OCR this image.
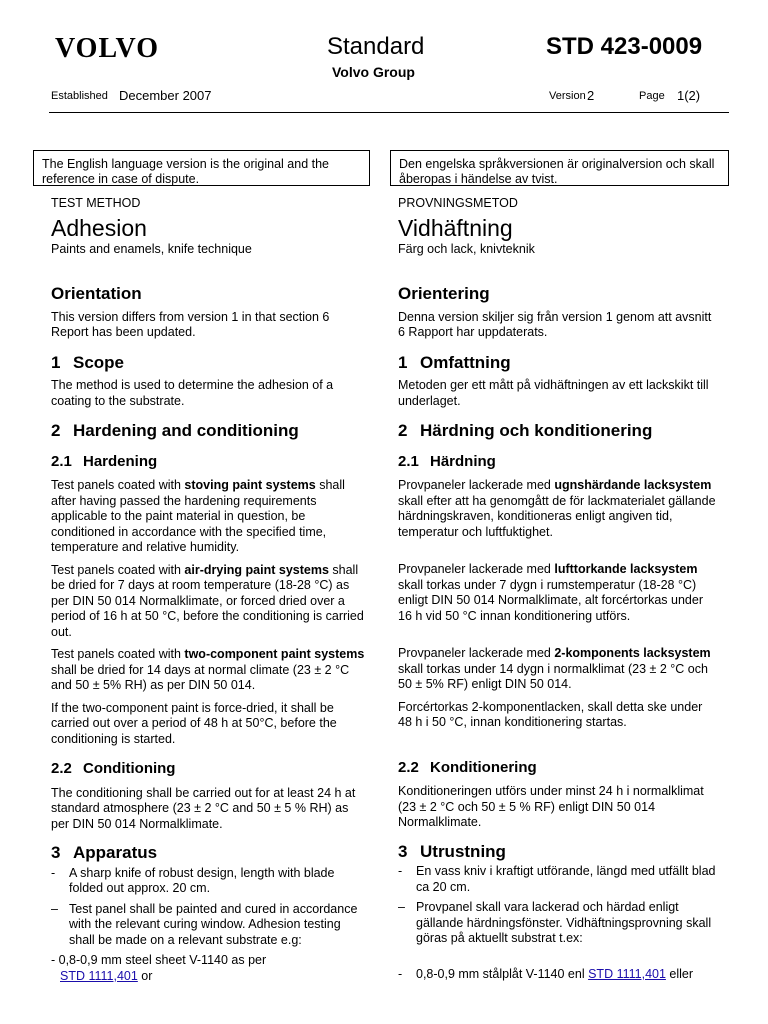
VOLVO	Standard
Volvo Group
STD 423-0009
Established December 2007	Version 2	Page 1(2)
The English language version is the original and the reference in case of dispute.
Den engelska språkversionen är originalversion och skall åberopas i händelse av tvist.
TEST METHOD
Adhesion
Paints and enamels, knife technique
Orientation

This version differs from version 1 in that section 6 Report has been updated.

1 Scope

The method is used to determine the adhesion of a coating to the substrate.

2 Hardening and conditioning
2.1 Hardening

Test panels coated with stoving paint systems shall after having passed the hardening requirements applicable to the paint material in question, be conditioned in accordance with the specified time, temperature and relative humidity.

Test panels coated with air-drying paint systems shall be dried for 7 days at room temperature (18-28 °C) as per DIN 50 014 Normalklimate, or forced dried over a period of 16 h at 50 °C, before the conditioning is carried out.

Test panels coated with two-component paint systems shall be dried for 14 days at normal climate (23 ± 2 °C and 50 ± 5% RH) as per DIN 50 014.

If the two-component paint is force-dried, it shall be carried out over a period of 48 h at 50°C, before the conditioning is started.

2.2 Conditioning

The conditioning shall be carried out for at least 24 h at standard atmosphere (23 ± 2 °C and 50 ± 5 % RH) as per DIN 50 014 Normalklimate.

3 Apparatus
- A sharp knife of robust design, length with blade folded out approx. 20 cm.
– Test panel shall be painted and cured in accordance with the relevant curing window. Adhesion testing shall be made on a relevant substrate e.g:
- 0,8-0,9 mm steel sheet V-1140 as per
STD 1111,401 or
PROVNINGSMETOD
Vidhäftning
Färg och lack, knivteknik
Orientering

Denna version skiljer sig från version 1 genom att avsnitt 6 Rapport har uppdaterats.

1 Omfattning

Metoden ger ett mått på vidhäftningen av ett lackskikt till underlaget.

2 Härdning och konditionering
2.1 Härdning

Provpaneler lackerade med ugnshärdande lacksystem skall efter att ha genomgått de för lackmaterialet gällande härdningskraven, konditioneras enligt angiven tid, temperatur och luftfuktighet.

Provpaneler lackerade med lufttorkande lacksystem skall torkas under 7 dygn i rumstemperatur (18-28 °C) enligt DIN 50 014 Normalklimate, alt forcértorkas under 16 h vid 50 °C innan konditionering utförs.

Provpaneler lackerade med 2-komponents lacksystem skall torkas under 14 dygn i normalklimat (23 ± 2 °C och 50 ± 5% RF) enligt DIN 50 014.

Forcértorkas 2-komponentlacken, skall detta ske under 48 h i 50 °C, innan konditionering startas.

2.2 Konditionering

Konditioneringen utförs under minst 24 h i normalklimat (23 ± 2 °C och 50 ± 5 % RF) enligt DIN 50 014 Normalklimate.

3 Utrustning
- En vass kniv i kraftigt utförande, längd med utfällt blad ca 20 cm.
– Provpanel skall vara lackerad och härdad enligt gällande härdningsfönster. Vidhäftningsprovning skall göras på aktuellt substrat t.ex:
- 0,8-0,9 mm stålplåt V-1140 enl STD 1111,401 eller
